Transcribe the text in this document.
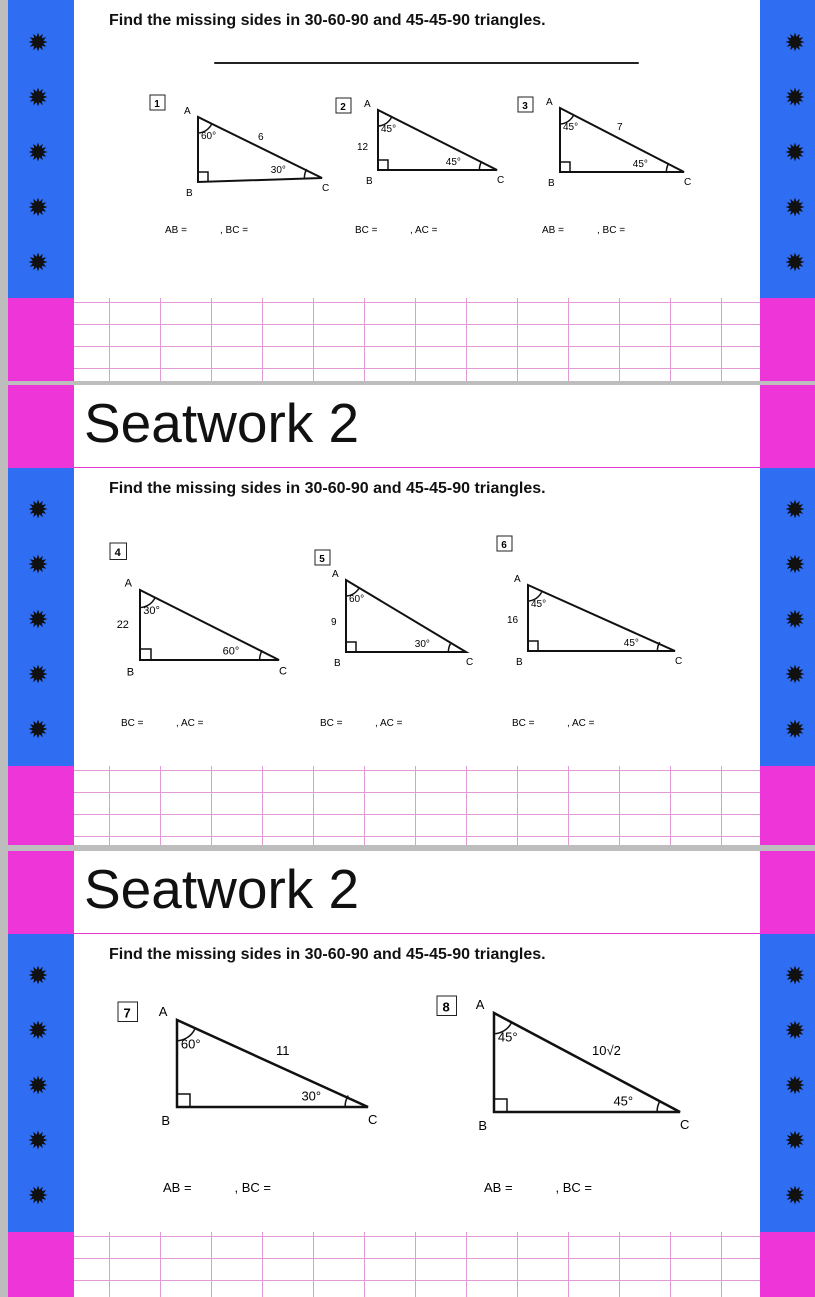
Find the missing sides in 30-60-90 and 45-45-90 triangles.
Seatwork 2
Find the missing sides in 30-60-90 and 45-45-90 triangles.
Seatwork 2
Find the missing sides in 30-60-90 and 45-45-90 triangles.
1
A
B	C
60°
30°
6
2 A
B	C
45°
45°
12
3 A
B	C
45°
45°
7
4
A
B	C
30°
60°
22
5
A
B	C
60°
30°
9
6
A
B	C
45°
45°
16
7 A
B	C
60°
30°
11
8 A
B	C
45°
45°
10√2
AB =	, BC =	BC =	, AC =	AB =	, BC =
BC =	, AC =	BC =	, AC =	BC =	, AC =
AB =	, BC =	AB =	, BC =
